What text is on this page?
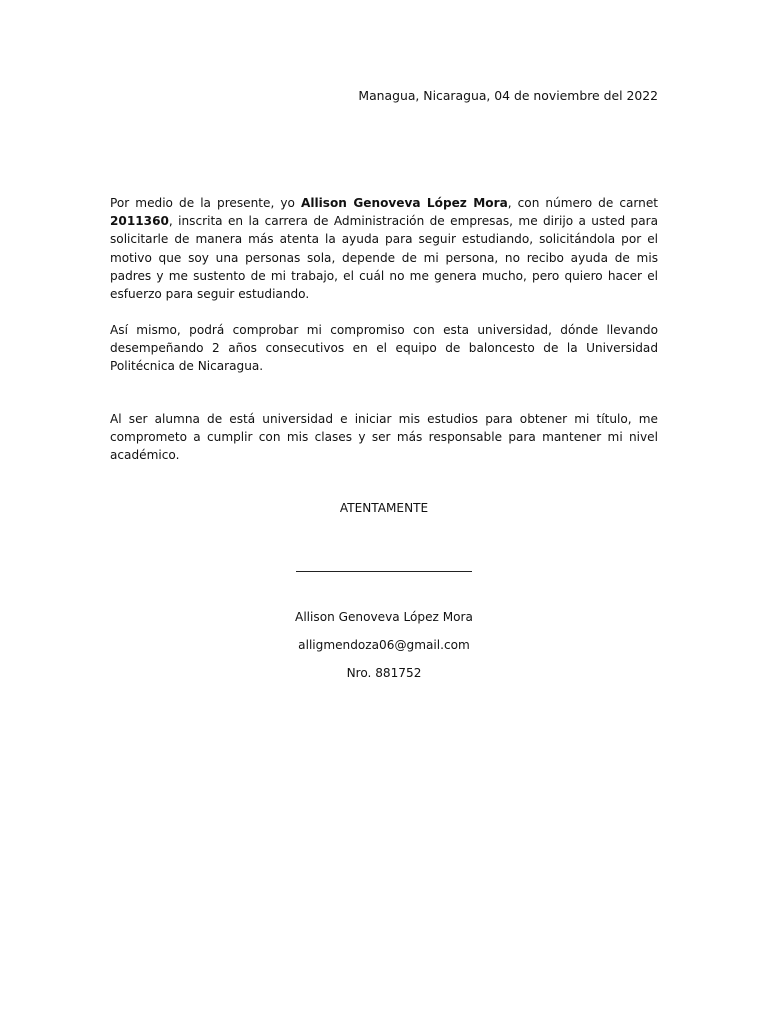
Managua, Nicaragua, 04 de noviembre del 2022
Por medio de la presente, yo Allison Genoveva López Mora, con número de carnet 2011360, inscrita en la carrera de Administración de empresas, me dirijo a usted para solicitarle de manera más atenta la ayuda para seguir estudiando, solicitándola por el motivo que soy una personas sola, depende de mi persona, no recibo ayuda de mis padres y me sustento de mi trabajo, el cuál no me genera mucho, pero quiero hacer el esfuerzo para seguir estudiando.
Así mismo, podrá comprobar mi compromiso con esta universidad, dónde llevando desempeñando 2 años consecutivos en el equipo de baloncesto de la Universidad Politécnica de Nicaragua.
Al ser alumna de está universidad e iniciar mis estudios para obtener mi título, me comprometo a cumplir con mis clases y ser más responsable para mantener mi nivel académico.
ATENTAMENTE
Allison Genoveva López Mora
alligmendoza06@gmail.com
Nro. 881752
